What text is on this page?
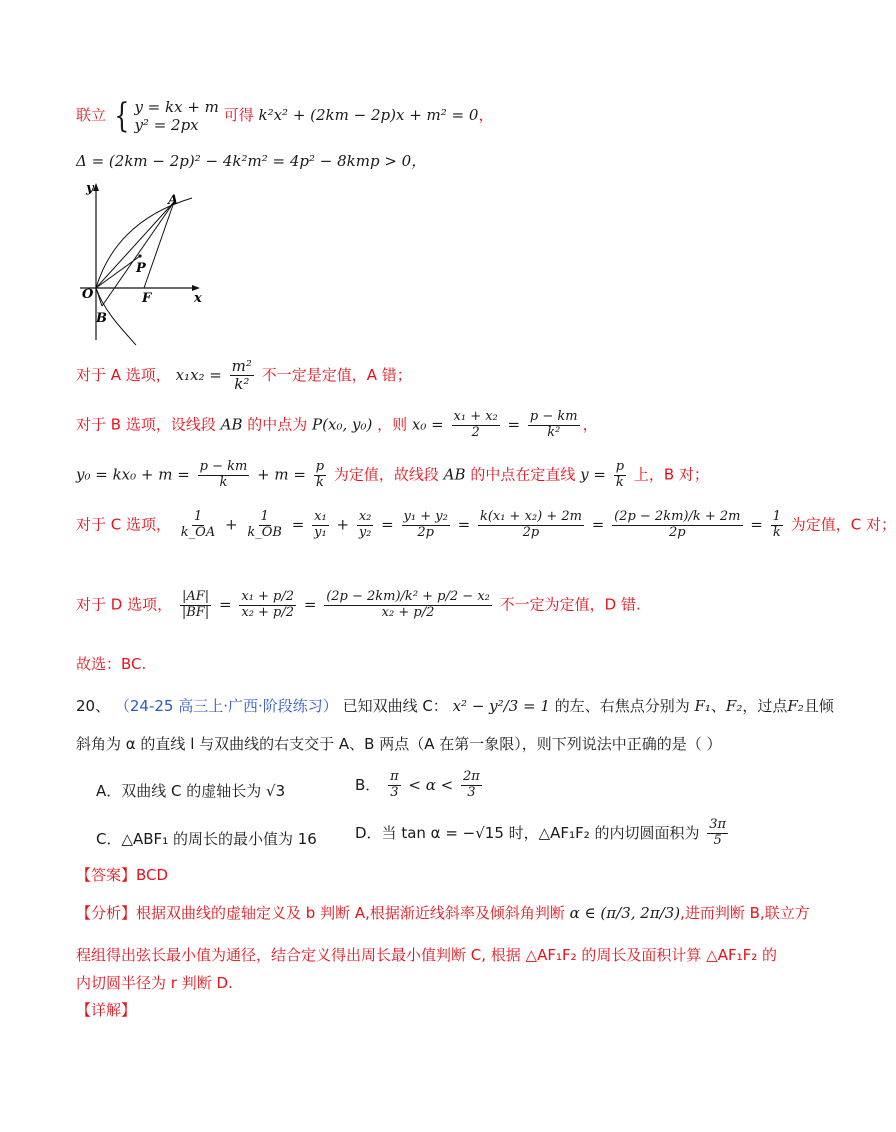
联立 { y = kx + m
y² = 2px
可得 k²x² + (2km − 2p)x + m² = 0，
Δ = (2km − 2p)² − 4k²m² = 4p² − 8kmp > 0，
y
x
O
A
B
F
P
对于 A 选项， $x_1x_2 = \frac{\text{m²}}{\text{k²}}$ 不一定是定值，A 错；
对于 B 选项，设线段 AB 的中点为 P(x₀, y₀) ，则 $x_0 = \frac{\text{x₁ + x₂}}{2} = \frac{p - km}{\text{k²}}$ ，
$y_0 = kx_0 + m = \frac{p - km}{k} + m = \frac{p}{k}$ 为定值，故线段 AB 的中点在定直线 $y = \frac{p}{k}$ 上，B 对；
对于 C 选项， $\frac{1}{k\_OA} + \frac{1}{k\_OB} = \frac{\text{x₁}}{\text{y₁}} + \frac{\text{x₂}}{\text{y₂}} = \frac{\text{y₁ + y₂}}{2p} = \frac{\text{k(x₁ + x₂) + 2m}}{2p} = \frac{(2p - 2km)/k + 2m}{2p} = \frac{1}{k}$ 为定值，C 对；
对于 D 选项， $\frac{|AF|}{|BF|} = \frac{\text{x₁ + p/2}}{\text{x₂ + p/2}} = \frac{\text{(2p − 2km)/k² + p/2 − x₂}}{\text{x₂ + p/2}}$ 不一定为定值，D 错.
故选：BC.
20、 （24-25 高三上·广西·阶段练习） 已知双曲线 C： x² − y²/3 = 1 的左、右焦点分别为 F₁、F₂，过点F₂且倾
斜角为 α 的直线 l 与双曲线的右支交于 A、B 两点（A 在第一象限），则下列说法中正确的是（ ）
A．双曲线 C 的虚轴长为 √3	B． $\frac{\pi}{3} < \alpha < \frac{2\pi}{3}$
C．△ABF₁ 的周长的最小值为 16	D．当 tan α = −√15 时，△AF₁F₂ 的内切圆面积为 $\frac{3\pi}{5}$
【答案】BCD
【分析】根据双曲线的虚轴定义及 b 判断 A,根据渐近线斜率及倾斜角判断 α ∈ (π/3, 2π/3),进而判断 B,联立方
程组得出弦长最小值为通径，结合定义得出周长最小值判断 C, 根据 △AF₁F₂ 的周长及面积计算 △AF₁F₂ 的
内切圆半径为 r 判断 D.
【详解】
